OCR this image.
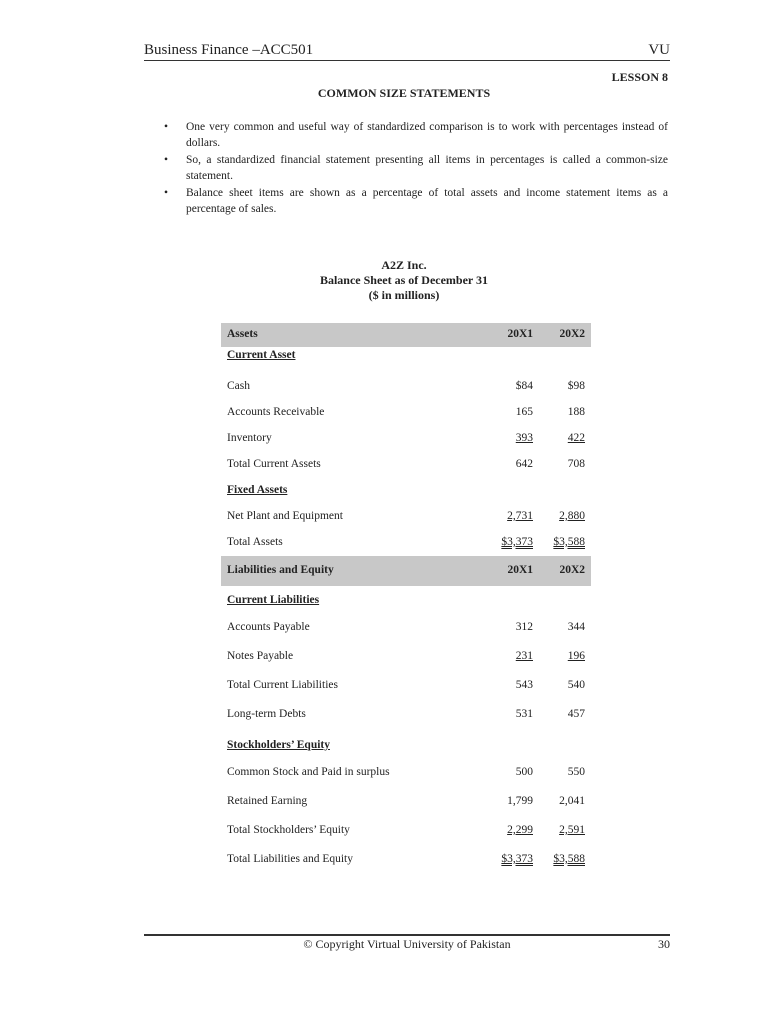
Business Finance –ACC501	VU
LESSON 8
COMMON SIZE STATEMENTS
• One very common and useful way of standardized comparison is to work with percentages instead of dollars.
• So, a standardized financial statement presenting all items in percentages is called a common-size statement.
• Balance sheet items are shown as a percentage of total assets and income statement items as a percentage of sales.
A2Z Inc.
Balance Sheet as of December 31
($ in millions)
Assets	20X1 20X2
Current Asset
Cash	$84	$98
Accounts Receivable	165	188
Inventory	393	422
Total Current Assets	642	708
Fixed Assets
Net Plant and Equipment	2,731 2,880
Total Assets	$3,373 $3,588
Liabilities and Equity	20X1 20X2
Current Liabilities
Accounts Payable	312	344
Notes Payable	231	196
Total Current Liabilities	543	540
Long-term Debts	531	457
Stockholders’ Equity
Common Stock and Paid in surplus	500	550
Retained Earning	1,799 2,041
Total Stockholders’ Equity	2,299 2,591
Total Liabilities and Equity	$3,373 $3,588
© Copyright Virtual University of Pakistan	30
